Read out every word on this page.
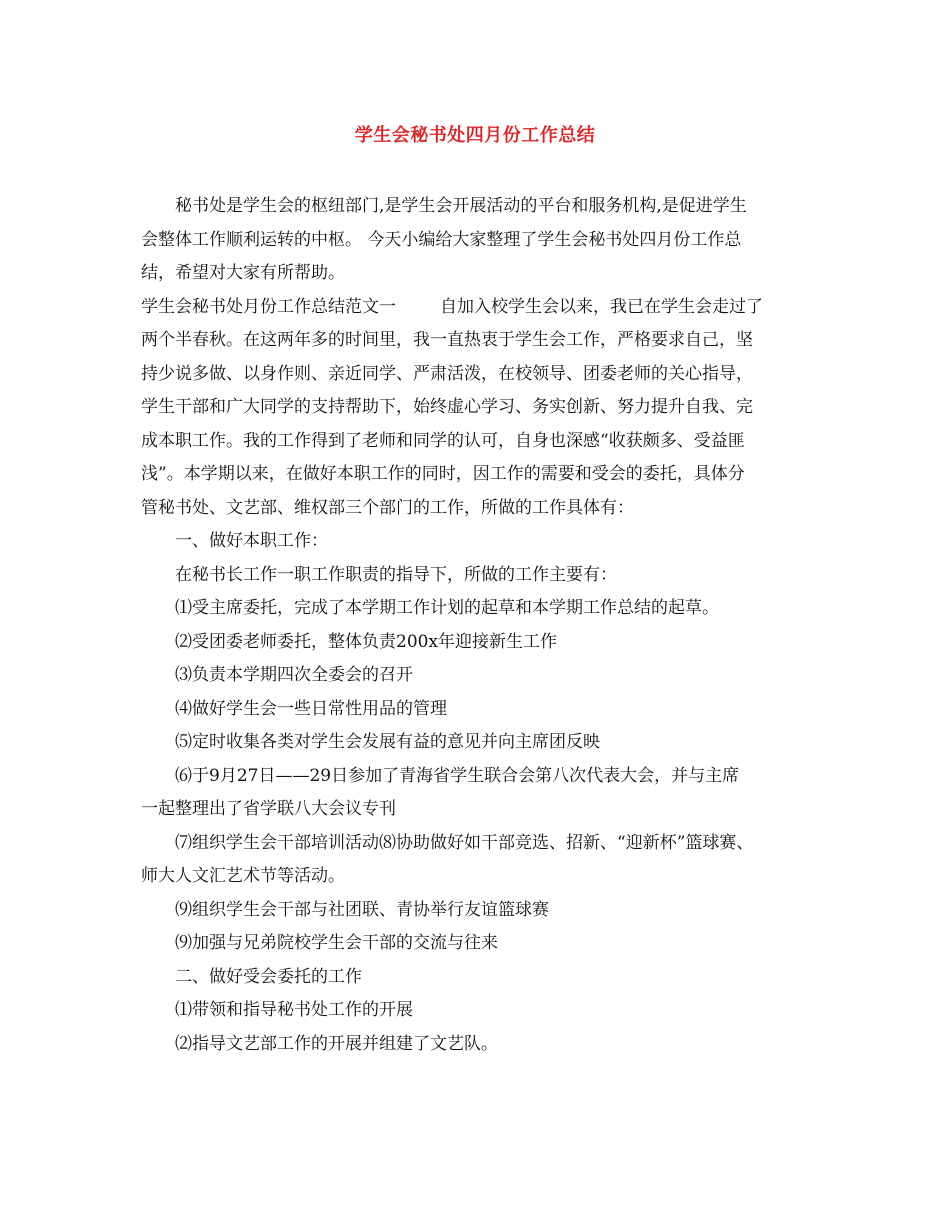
学生会秘书处四月份工作总结

秘书处是学生会的枢纽部门,是学生会开展活动的平台和服务机构,是促进学生

会整体工作顺利运转的中枢。 今天小编给大家整理了学生会秘书处四月份工作总

结，希望对大家有所帮助。

学生会秘书处月份工作总结范文一	自加入校学生会以来，我已在学生会走过了

两个半春秋。在这两年多的时间里，我一直热衷于学生会工作，严格要求自己，坚

持少说多做、以身作则、亲近同学、严肃活泼，在校领导、团委老师的关心指导，

学生干部和广大同学的支持帮助下，始终虚心学习、务实创新、努力提升自我、完

成本职工作。我的工作得到了老师和同学的认可，自身也深感“收获颇多、受益匪

浅”。本学期以来，在做好本职工作的同时，因工作的需要和受会的委托，具体分

管秘书处、文艺部、维权部三个部门的工作，所做的工作具体有：

一、做好本职工作：

在秘书长工作一职工作职责的指导下，所做的工作主要有：

⑴受主席委托，完成了本学期工作计划的起草和本学期工作总结的起草。

⑵受团委老师委托，整体负责200x年迎接新生工作

⑶负责本学期四次全委会的召开

⑷做好学生会一些日常性用品的管理

⑸定时收集各类对学生会发展有益的意见并向主席团反映

⑹于9月27日——29日参加了青海省学生联合会第八次代表大会，并与主席

一起整理出了省学联八大会议专刊

⑺组织学生会干部培训活动⑻协助做好如干部竞选、招新、“迎新杯”篮球赛、

师大人文汇艺术节等活动。

⑼组织学生会干部与社团联、青协举行友谊篮球赛

⑼加强与兄弟院校学生会干部的交流与往来

二、做好受会委托的工作

⑴带领和指导秘书处工作的开展

⑵指导文艺部工作的开展并组建了文艺队。
